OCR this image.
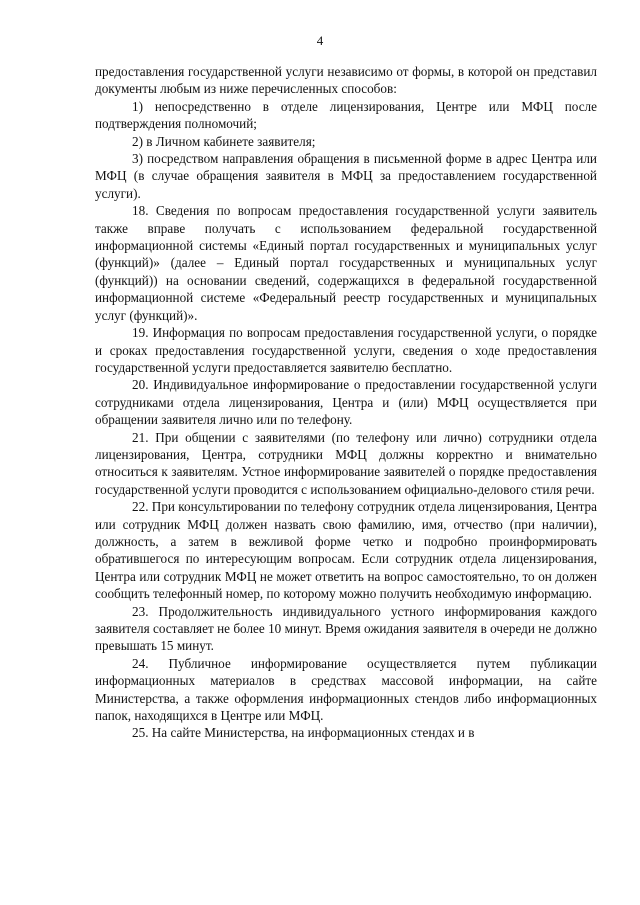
4

предоставления государственной услуги независимо от формы, в которой он представил документы любым из ниже перечисленных способов:

1) непосредственно в отделе лицензирования, Центре или МФЦ после подтверждения полномочий;

2) в Личном кабинете заявителя;

3) посредством направления обращения в письменной форме в адрес Центра или МФЦ (в случае обращения заявителя в МФЦ за предоставлением государственной услуги).

18. Сведения по вопросам предоставления государственной услуги заявитель также вправе получать с использованием федеральной государственной информационной системы «Единый портал государственных и муниципальных услуг (функций)» (далее – Единый портал государственных и муниципальных услуг (функций)) на основании сведений, содержащихся в федеральной государственной информационной системе «Федеральный реестр государственных и муниципальных услуг (функций)».

19. Информация по вопросам предоставления государственной услуги, о порядке и сроках предоставления государственной услуги, сведения о ходе предоставления государственной услуги предоставляется заявителю бесплатно.

20. Индивидуальное информирование о предоставлении государственной услуги сотрудниками отдела лицензирования, Центра и (или) МФЦ осуществляется при обращении заявителя лично или по телефону.

21. При общении с заявителями (по телефону или лично) сотрудники отдела лицензирования, Центра, сотрудники МФЦ должны корректно и внимательно относиться к заявителям. Устное информирование заявителей о порядке предоставления государственной услуги проводится с использованием официально-делового стиля речи.

22. При консультировании по телефону сотрудник отдела лицензирования, Центра или сотрудник МФЦ должен назвать свою фамилию, имя, отчество (при наличии), должность, а затем в вежливой форме четко и подробно проинформировать обратившегося по интересующим вопросам. Если сотрудник отдела лицензирования, Центра или сотрудник МФЦ не может ответить на вопрос самостоятельно, то он должен сообщить телефонный номер, по которому можно получить необходимую информацию.

23. Продолжительность индивидуального устного информирования каждого заявителя составляет не более 10 минут. Время ожидания заявителя в очереди не должно превышать 15 минут.

24. Публичное информирование осуществляется путем публикации информационных материалов в средствах массовой информации, на сайте Министерства, а также оформления информационных стендов либо информационных папок, находящихся в Центре или МФЦ.

25. На сайте Министерства, на информационных стендах и в
